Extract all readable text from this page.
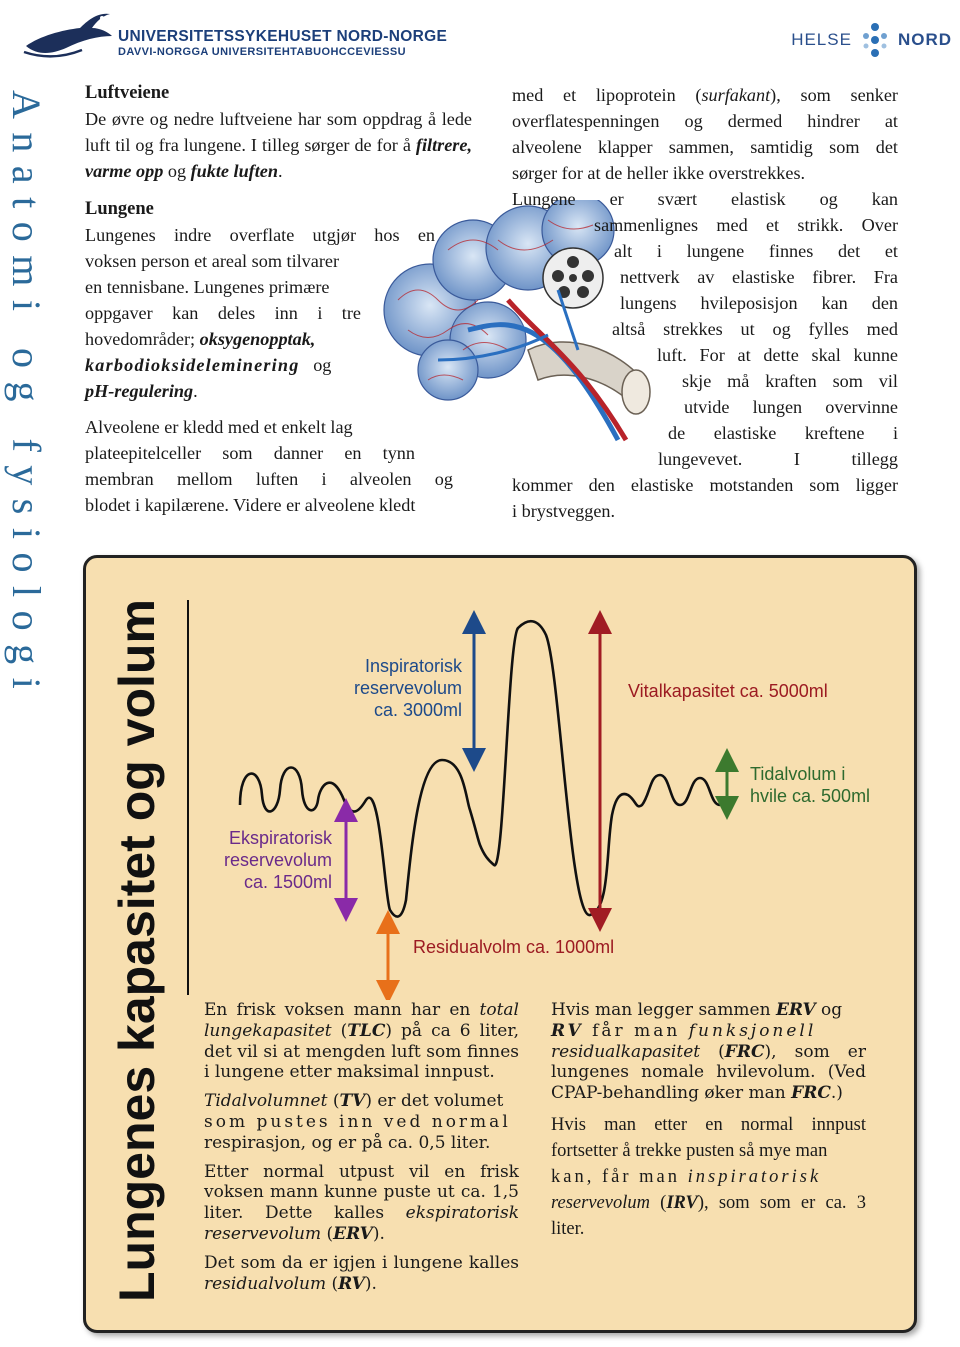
UNIVERSITETSSYKEHUSET NORD-NORGE
DAVVI-NORGGA UNIVERSITEHTABUOHCCEVIESSU
HELSE	NORD
Anatomi og fysiologi Luftveiene
De øvre og nedre luftveiene har som oppdrag å lede luft til og fra lungene. I tilleg sørger de for å filtrere, varme opp og fukte luften.
Lungene
Lungenes indre overflate utgjør hos en
voksen person et areal som tilvarer
en tennisbane. Lungenes primære
oppgaver kan deles inn i tre
hovedområder; oksygenopptak,
karbodioksideleminering og
pH-regulering.
Alveolene er kledd med et enkelt lag
plateepitelceller som danner en tynn
membran mellom luften i alveolen og
blodet i kapilærene. Videre er alveolene kledt
med et lipoprotein (surfakant), som senker
overflatespenningen og dermed hindrer at
alveolene klapper sammen, samtidig som det
sørger for at de heller ikke overstrekkes.
Lungene er svært elastisk og kan
sammenlignes med et strikk. Over
alt i lungene finnes det et
nettverk av elastiske fibrer. Fra
lungens hvileposisjon kan den
altså strekkes ut og fylles med
luft. For at dette skal kunne
skje må kraften som vil
utvide lungen overvinne
de elastiske kreftene i
lungevevet. I tillegg
kommer den elastiske motstanden som ligger
i brystveggen.
Lungenes kapasitet og volum	Inspiratorisk
reservevolum
ca. 3000ml
Ekspiratorisk
reservevolum
ca. 1500ml
Vitalkapasitet ca. 5000ml
Tidalvolum i
hvile ca. 500ml
Residualvolm ca. 1000ml

En frisk voksen mann har en total lungekapasitet (TLC) på ca 6 liter, det vil si at mengden luft som finnes i lungene etter maksimal innpust.

Tidalvolumnet (TV) er det volumet
som pustes inn ved normal
respirasjon, og er på ca. 0,5 liter.

Etter normal utpust vil en frisk voksen mann kunne puste ut ca. 1,5 liter. Dette kalles ekspiratorisk reservevolum (ERV).

Det som da er igjen i lungene kalles residualvolum (RV).

Hvis man legger sammen ERV og
RV får man funksjonell
residualkapasitet (FRC), som er lungenes nomale hvilevolum. (Ved CPAP-behandling øker man FRC.)

Hvis man etter en normal innpust fortsetter å trekke pusten så mye man
kan, får man inspiratorisk
reservevolum (IRV), som som er ca. 3 liter.
